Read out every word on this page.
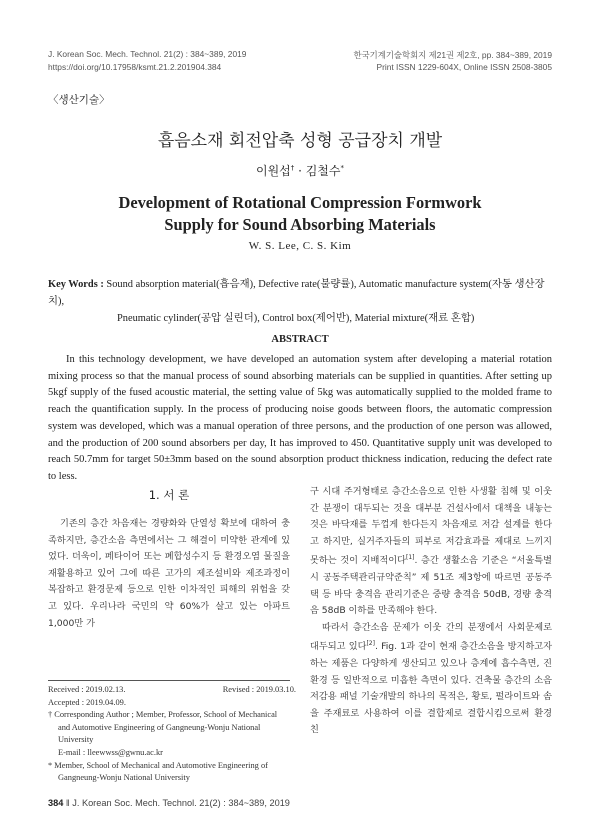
J. Korean Soc. Mech. Technol. 21(2) : 384~389, 2019
https://doi.org/10.17958/ksmt.21.2.201904.384
한국기계기술학회지 제21권 제2호, pp. 384~389, 2019
Print ISSN 1229-604X, Online ISSN 2508-3805
〈생산기술〉
흡음소재 회전압축 성형 공급장치 개발
이원섭† · 김철수*
Development of Rotational Compression Formwork
Supply for Sound Absorbing Materials
W. S. Lee, C. S. Kim
Key Words : Sound absorption material(흡음재), Defective rate(불량률), Automatic manufacture system(자동 생산장치),
Pneumatic cylinder(공압 실린더), Control box(제어반), Material mixture(재료 혼합)
ABSTRACT

In this technology development, we have developed an automation system after developing a material rotation mixing process so that the manual process of sound absorbing materials can be supplied in quantities. After setting up 5kgf supply of the fused acoustic material, the setting value of 5kg was automatically supplied to the molded frame to reach the quantification supply. In the process of producing noise goods between floors, the automatic compression system was developed, which was a manual operation of three persons, and the production of one person was allowed, and the production of 200 sound absorbers per day, It has improved to 450. Quantitative supply unit was developed to reach 50.7mm for target 50±3mm based on the sound absorption product thickness indication, reducing the defect rate to less.

1. 서 론

기존의 층간 차음재는 경량화와 단열성 확보에 대하여 충족하지만, 층간소음 측면에서는 그 해결이 미약한 관계에 있었다. 더욱이, 페타이어 또는 폐합성수지 등 환경오염 물질을 재활용하고 있어 그에 따른 고가의 제조설비와 제조과정이 복잡하고 환경문제 등으로 인한 이차적인 피해의 위험을 갖고 있다. 우리나라 국민의 약 60%가 살고 있는 아파트 1,000만 가

구 시대 주거형태로 층간소음으로 인한 사생활 침해 및 이웃 간 분쟁이 대두되는 것을 대부분 건설사에서 대책을 내놓는 것은 바닥재를 두껍게 한다든지 차음재로 저감 설계를 한다고 하지만, 실거주자들의 피부로 저감효과를 제대로 느끼지 못하는 것이 지배적이다[1]. 층간 생활소음 기준은 “서울특별시 공동주택관리규약준칙” 제 51조 제3항에 따르면 공동주택 등 바닥 충격음 관리기준은 중량 충격음 50dB, 경량 충격음 58dB 이하를 만족해야 한다.

따라서 층간소음 문제가 이웃 간의 분쟁에서 사회문제로 대두되고 있다[2]. Fig. 1과 같이 현재 층간소음을 방지하고자 하는 제품은 다양하게 생산되고 있으나 층계에 흡수측면, 진환경 등 일반적으로 미흡한 측면이 있다. 건축물 층간의 소음 저감용 패널 기술개발의 하나의 목적은, 황토, 펄라이트와 솜을 주재료로 사용하여 이를 결합제로 결합시킴으로써 환경 친

Received : 2019.02.13.	Revised : 2019.03.10.
Accepted : 2019.04.09.
† Corresponding Author ; Member, Professor, School of Mechanical
and Automotive Engineering of Gangneung-Wonju National University
E-mail : lleewwss@gwnu.ac.kr
* Member, School of Mechanical and Automotive Engineering of
Gangneung-Wonju National University
384 ‖ J. Korean Soc. Mech. Technol. 21(2) : 384~389, 2019
